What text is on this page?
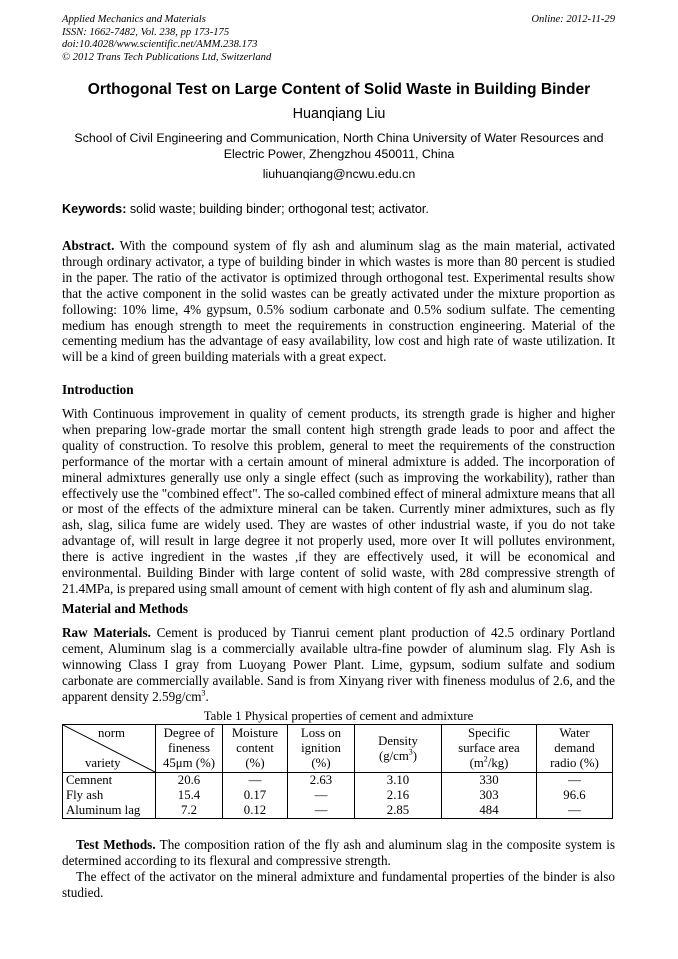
Applied Mechanics and Materials
ISSN: 1662-7482, Vol. 238, pp 173-175
doi:10.4028/www.scientific.net/AMM.238.173
© 2012 Trans Tech Publications Ltd, Switzerland
Online: 2012-11-29
Orthogonal Test on Large Content of Solid Waste in Building Binder
Huanqiang Liu
School of Civil Engineering and Communication, North China University of Water Resources and
Electric Power, Zhengzhou 450011, China
liuhuanqiang@ncwu.edu.cn
Keywords: solid waste; building binder; orthogonal test; activator.
Abstract. With the compound system of fly ash and aluminum slag as the main material, activated through ordinary activator, a type of building binder in which wastes is more than 80 percent is studied in the paper. The ratio of the activator is optimized through orthogonal test. Experimental results show that the active component in the solid wastes can be greatly activated under the mixture proportion as following: 10% lime, 4% gypsum, 0.5% sodium carbonate and 0.5% sodium sulfate. The cementing medium has enough strength to meet the requirements in construction engineering. Material of the cementing medium has the advantage of easy availability, low cost and high rate of waste utilization. It will be a kind of green building materials with a great expect.
Introduction
With Continuous improvement in quality of cement products, its strength grade is higher and higher when preparing low-grade mortar the small content high strength grade leads to poor and affect the quality of construction. To resolve this problem, general to meet the requirements of the construction performance of the mortar with a certain amount of mineral admixture is added. The incorporation of mineral admixtures generally use only a single effect (such as improving the workability), rather than effectively use the "combined effect". The so-called combined effect of mineral admixture means that all or most of the effects of the admixture mineral can be taken. Currently miner admixtures, such as fly ash, slag, silica fume are widely used. They are wastes of other industrial waste, if you do not take advantage of, will result in large degree it not properly used, more over It will pollutes environment, there is active ingredient in the wastes ,if they are effectively used, it will be economical and environmental. Building Binder with large content of solid waste, with 28d compressive strength of 21.4MPa, is prepared using small amount of cement with high content of fly ash and aluminum slag.
Material and Methods
Raw Materials. Cement is produced by Tianrui cement plant production of 42.5 ordinary Portland cement, Aluminum slag is a commercially available ultra-fine powder of aluminum slag. Fly Ash is winnowing Class I gray from Luoyang Power Plant. Lime, gypsum, sodium sulfate and sodium carbonate are commercially available. Sand is from Xinyang river with fineness modulus of 2.6, and the apparent density $2.59g/cm^3$.
Table 1 Physical properties of cement and admixture
norm
variety	Degree of
fineness
45μm (%)	Moisture
content
(%)	Loss on
ignition
(%)	Density
$(g/cm^3)$	Specific
surface area
$(m^2/kg)$	Water
demand
radio (%)
Cemnent	20.6	—	2.63	3.10	330	—
Fly ash	15.4	0.17	—	2.16	303	96.6
Aluminum lag	7.2	0.12	—	2.85	484	—
Test Methods. The composition ration of the fly ash and aluminum slag in the composite system is determined according to its flexural and compressive strength.
The effect of the activator on the mineral admixture and fundamental properties of the binder is also studied.
